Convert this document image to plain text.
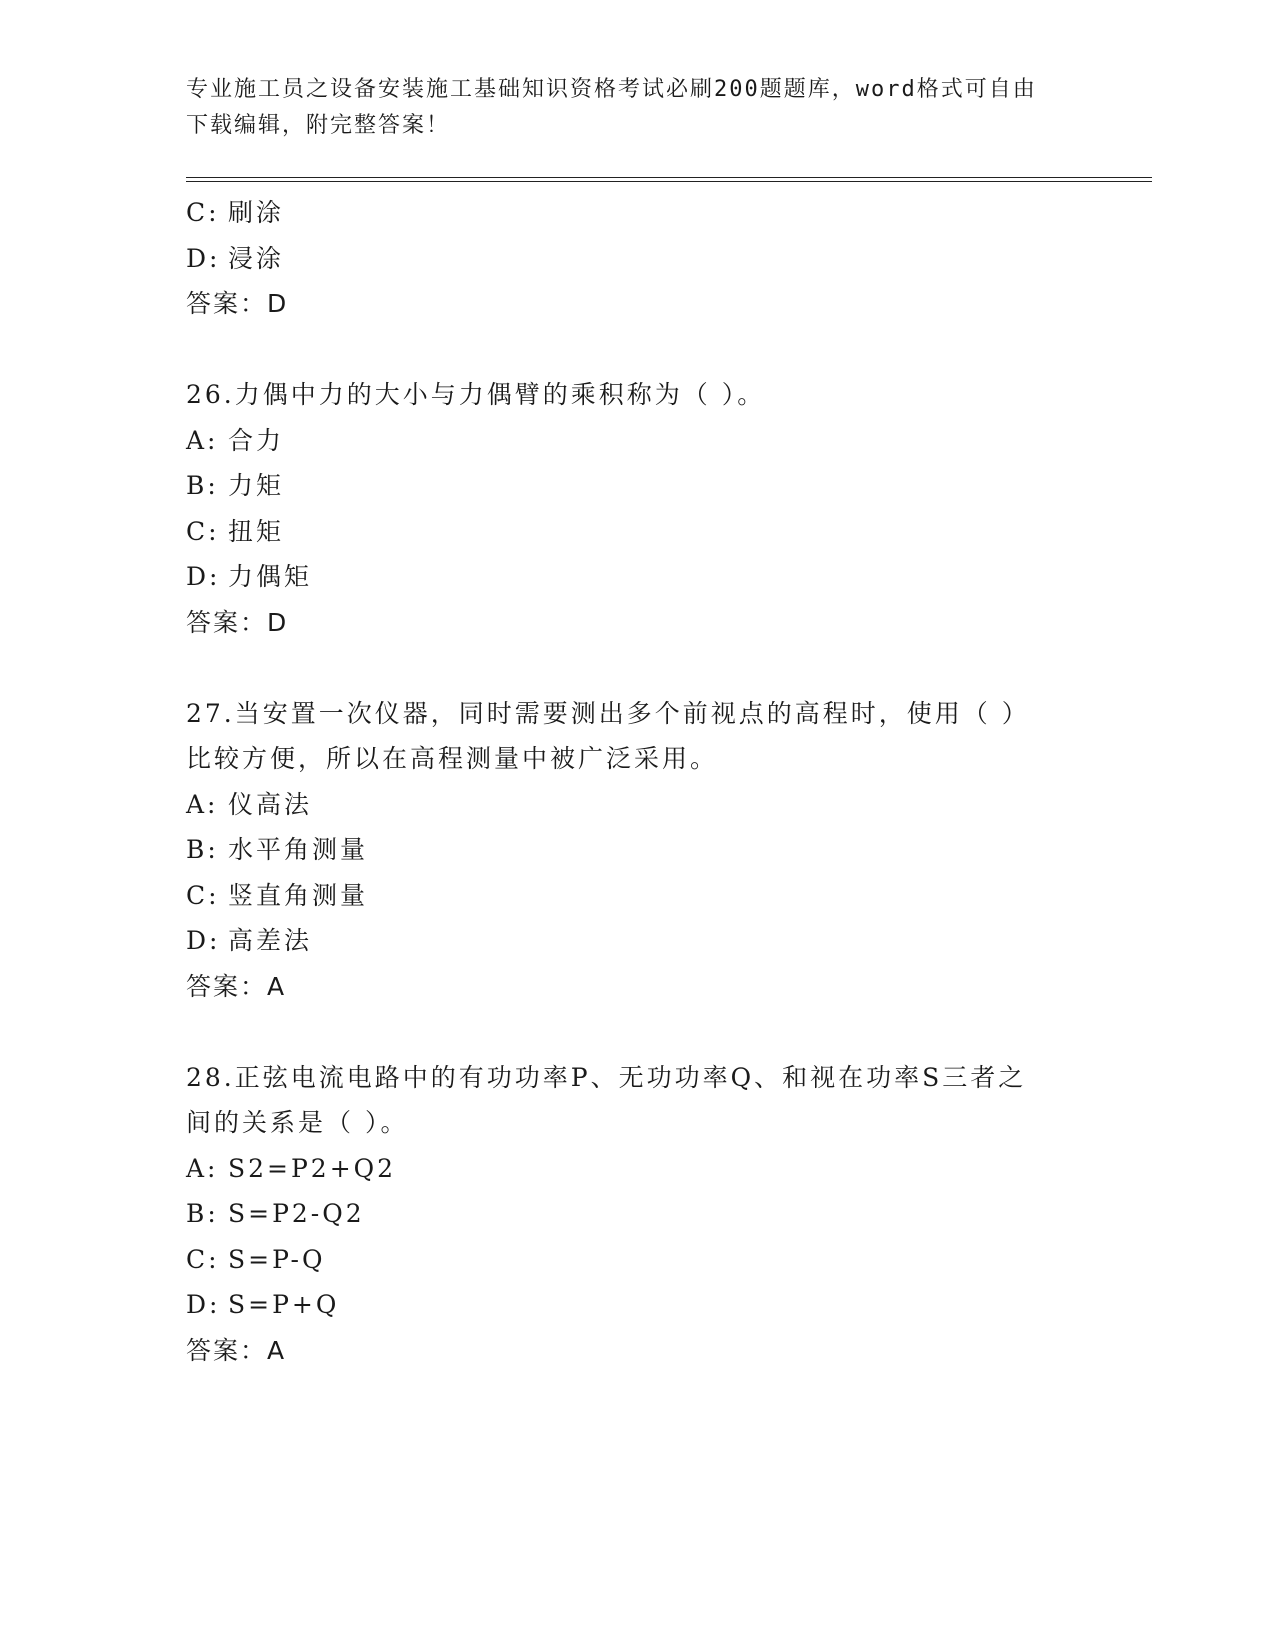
专业施工员之设备安装施工基础知识资格考试必刷200题题库，word格式可自由
下载编辑，附完整答案！
C: 刷涂
D: 浸涂
答案：D
26.力偶中力的大小与力偶臂的乘积称为（ ）。
A: 合力
B: 力矩
C: 扭矩
D: 力偶矩
答案：D
27.当安置一次仪器，同时需要测出多个前视点的高程时，使用（ ）
比较方便，所以在高程测量中被广泛采用。
A: 仪高法
B: 水平角测量
C: 竖直角测量
D: 高差法
答案：A
28.正弦电流电路中的有功功率P、无功功率Q、和视在功率S三者之
间的关系是（ ）。
A: S2=P2+Q2
B: S=P2-Q2
C: S=P-Q
D: S=P+Q
答案：A
